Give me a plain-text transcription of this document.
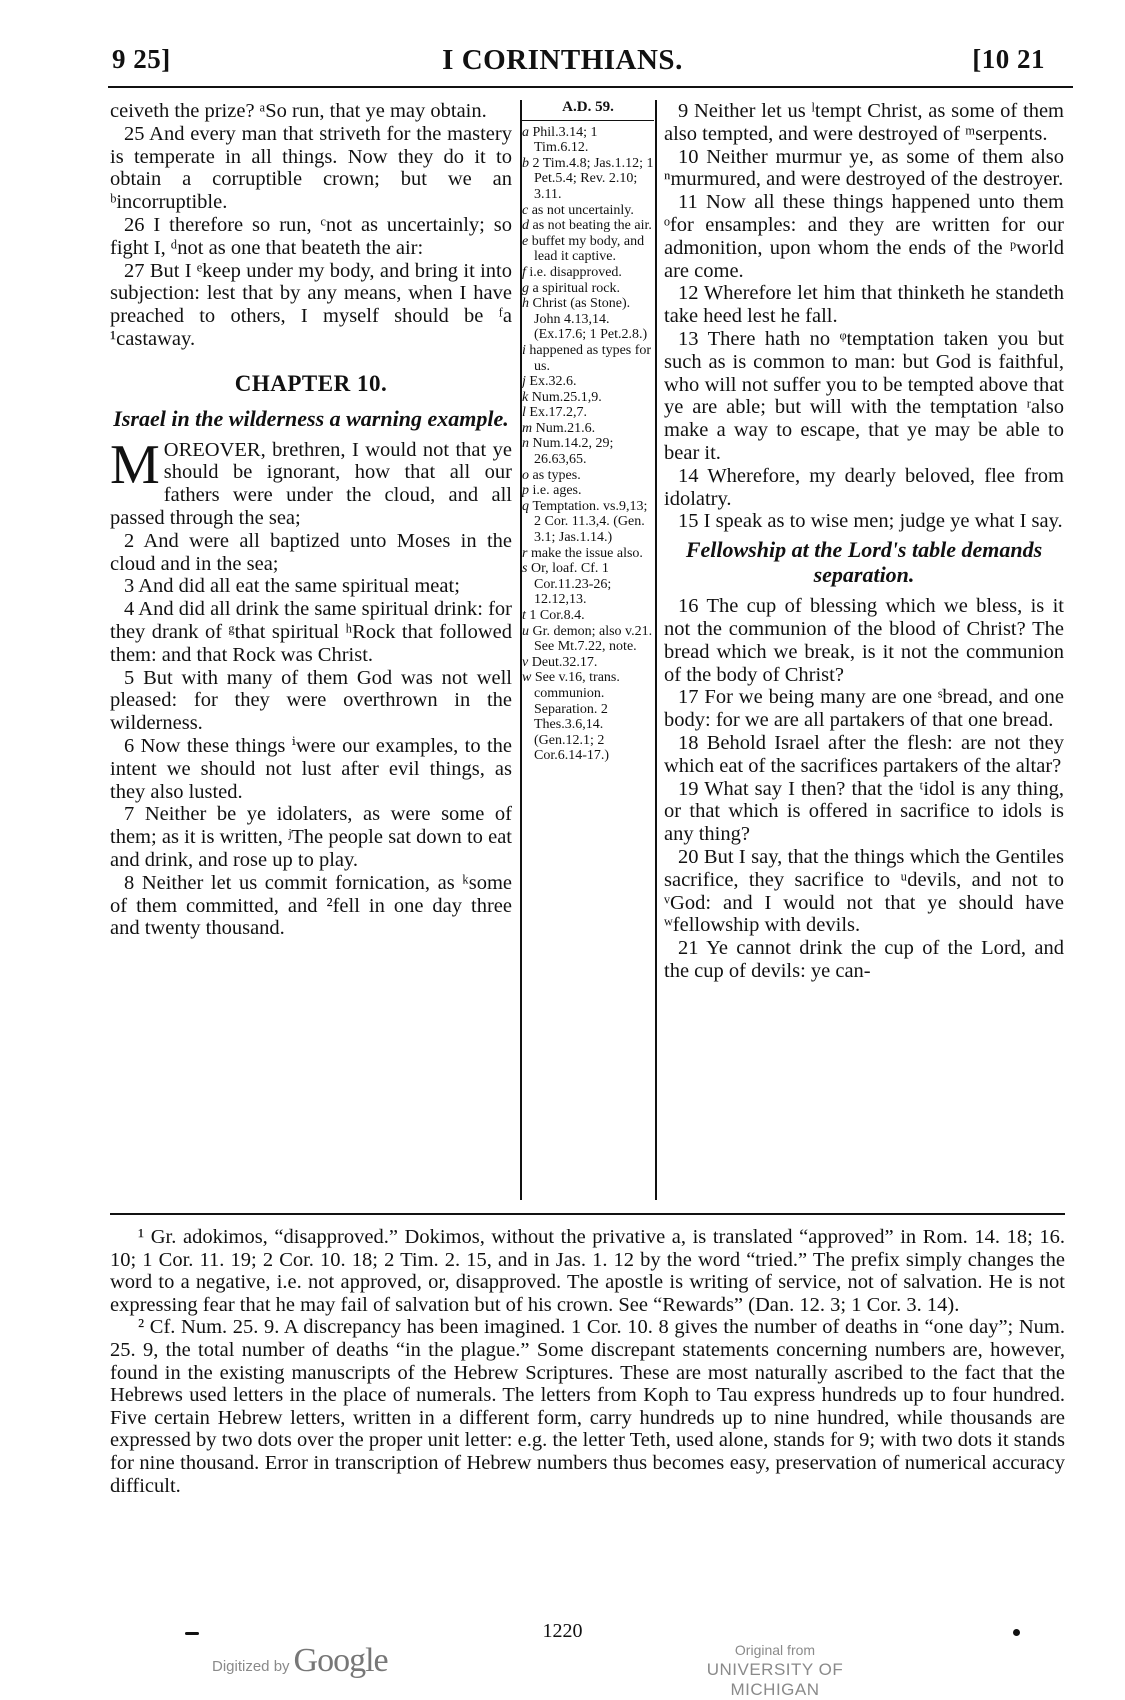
9 25]	I CORINTHIANS.	[10 21

ceiveth the prize? ᵃSo run, that ye may obtain.

25 And every man that striveth for the mastery is temperate in all things. Now they do it to obtain a corruptible crown; but we an ᵇincorruptible.

26 I therefore so run, ᶜnot as uncertainly; so fight I, ᵈnot as one that beateth the air:

27 But I ᵉkeep under my body, and bring it into subjection: lest that by any means, when I have preached to others, I myself should be ᶠa ¹castaway.

CHAPTER 10.
Israel in the wilderness a warning example.

MOREOVER, brethren, I would not that ye should be ignorant, how that all our fathers were under the cloud, and all passed through the sea;

2 And were all baptized unto Moses in the cloud and in the sea;

3 And did all eat the same spiritual meat;

4 And did all drink the same spiritual drink: for they drank of ᵍthat spiritual ʰRock that followed them: and that Rock was Christ.

5 But with many of them God was not well pleased: for they were overthrown in the wilderness.

6 Now these things ⁱwere our examples, to the intent we should not lust after evil things, as they also lusted.

7 Neither be ye idolaters, as were some of them; as it is written, ʲThe people sat down to eat and drink, and rose up to play.

8 Neither let us commit fornication, as ᵏsome of them committed, and ²fell in one day three and twenty thousand.

A.D. 59.
a Phil.3.14; 1 Tim.6.12.
b 2 Tim.4.8; Jas.1.12; 1 Pet.5.4; Rev. 2.10; 3.11.
c as not uncertainly.
d as not beating the air.
e buffet my body, and lead it captive.
f i.e. disapproved.
g a spiritual rock.
h Christ (as Stone). John 4.13,14. (Ex.17.6; 1 Pet.2.8.)
i happened as types for us.
j Ex.32.6.
k Num.25.1,9.
l Ex.17.2,7.
m Num.21.6.
n Num.14.2, 29; 26.63,65.
o as types.
p i.e. ages.
q Temptation. vs.9,13; 2 Cor. 11.3,4. (Gen. 3.1; Jas.1.14.)
r make the issue also.
s Or, loaf. Cf. 1 Cor.11.23-26; 12.12,13.
t 1 Cor.8.4.
u Gr. demon; also v.21. See Mt.7.22, note.
v Deut.32.17.
w See v.16, trans. communion. Separation. 2 Thes.3.6,14. (Gen.12.1; 2 Cor.6.14-17.)

9 Neither let us ˡtempt Christ, as some of them also tempted, and were destroyed of ᵐserpents.

10 Neither murmur ye, as some of them also ⁿmurmured, and were destroyed of the destroyer.

11 Now all these things happened unto them ᵒfor ensamples: and they are written for our admonition, upon whom the ends of the ᵖworld are come.

12 Wherefore let him that thinketh he standeth take heed lest he fall.

13 There hath no ᵠtemptation taken you but such as is common to man: but God is faithful, who will not suffer you to be tempted above that ye are able; but will with the temptation ʳalso make a way to escape, that ye may be able to bear it.

14 Wherefore, my dearly beloved, flee from idolatry.

15 I speak as to wise men; judge ye what I say.

Fellowship at the Lord's table demands separation.

16 The cup of blessing which we bless, is it not the communion of the blood of Christ? The bread which we break, is it not the communion of the body of Christ?

17 For we being many are one ˢbread, and one body: for we are all partakers of that one bread.

18 Behold Israel after the flesh: are not they which eat of the sacrifices partakers of the altar?

19 What say I then? that the ᵗidol is any thing, or that which is offered in sacrifice to idols is any thing?

20 But I say, that the things which the Gentiles sacrifice, they sacrifice to ᵘdevils, and not to ᵛGod: and I would not that ye should have ʷfellowship with devils.

21 Ye cannot drink the cup of the Lord, and the cup of devils: ye can-

¹ Gr. adokimos, “disapproved.” Dokimos, without the privative a, is translated “approved” in Rom. 14. 18; 16. 10; 1 Cor. 11. 19; 2 Cor. 10. 18; 2 Tim. 2. 15, and in Jas. 1. 12 by the word “tried.” The prefix simply changes the word to a negative, i.e. not approved, or, disapproved. The apostle is writing of service, not of salvation. He is not expressing fear that he may fail of salvation but of his crown. See “Rewards” (Dan. 12. 3; 1 Cor. 3. 14).

² Cf. Num. 25. 9. A discrepancy has been imagined. 1 Cor. 10. 8 gives the number of deaths in “one day”; Num. 25. 9, the total number of deaths “in the plague.” Some discrepant statements concerning numbers are, however, found in the existing manuscripts of the Hebrew Scriptures. These are most naturally ascribed to the fact that the Hebrews used letters in the place of numerals. The letters from Koph to Tau express hundreds up to four hundred. Five certain Hebrew letters, written in a different form, carry hundreds up to nine hundred, while thousands are expressed by two dots over the proper unit letter: e.g. the letter Teth, used alone, stands for 9; with two dots it stands for nine thousand. Error in transcription of Hebrew numbers thus becomes easy, preservation of numerical accuracy difficult.

1220
Digitized by Google	Original from
UNIVERSITY OF MICHIGAN
